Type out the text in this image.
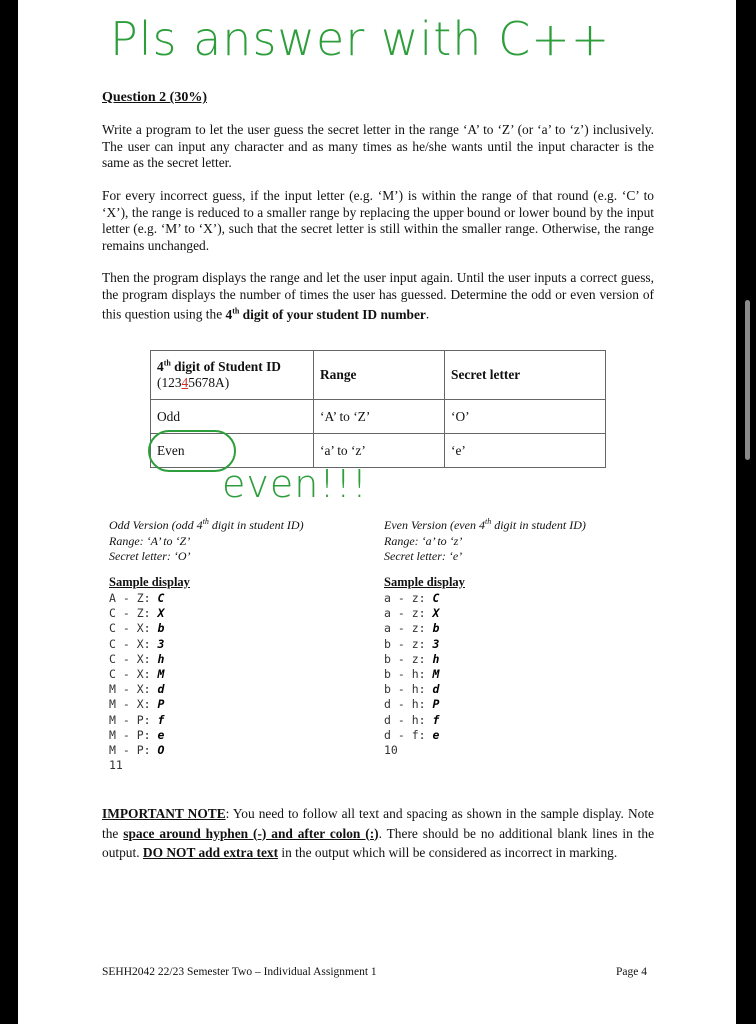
Pls answer with C++
Question 2 (30%)
Write a program to let the user guess the secret letter in the range ‘A’ to ‘Z’ (or ‘a’ to ‘z’) inclusively. The user can input any character and as many times as he/she wants until the input character is the same as the secret letter.
For every incorrect guess, if the input letter (e.g. ‘M’) is within the range of that round (e.g. ‘C’ to ‘X’), the range is reduced to a smaller range by replacing the upper bound or lower bound by the input letter (e.g. ‘M’ to ‘X’), such that the secret letter is still within the smaller range. Otherwise, the range remains unchanged.
Then the program displays the range and let the user input again. Until the user inputs a correct guess, the program displays the number of times the user has guessed. Determine the odd or even version of this question using the 4th digit of your student ID number.
4th digit of Student ID
(12345678A)	Range	Secret letter
Odd	‘A’ to ‘Z’	‘O’
Even	‘a’ to ‘z’	‘e’
even!!!
Odd Version (odd 4th digit in student ID)
Range: ‘A’ to ‘Z’
Secret letter: ‘O’
Even Version (even 4th digit in student ID)
Range: ‘a’ to ‘z’
Secret letter: ‘e’
Sample display
A - Z: C
C - Z: X
C - X: b
C - X: 3
C - X: h
C - X: M
M - X: d
M - X: P
M - P: f
M - P: e
M - P: O
11
Sample display
a - z: C
a - z: X
a - z: b
b - z: 3
b - z: h
b - h: M
b - h: d
d - h: P
d - h: f
d - f: e
10
IMPORTANT NOTE: You need to follow all text and spacing as shown in the sample display. Note the space around hyphen (-) and after colon (:). There should be no additional blank lines in the output. DO NOT add extra text in the output which will be considered as incorrect in marking.
SEHH2042 22/23 Semester Two – Individual Assignment 1	Page 4
